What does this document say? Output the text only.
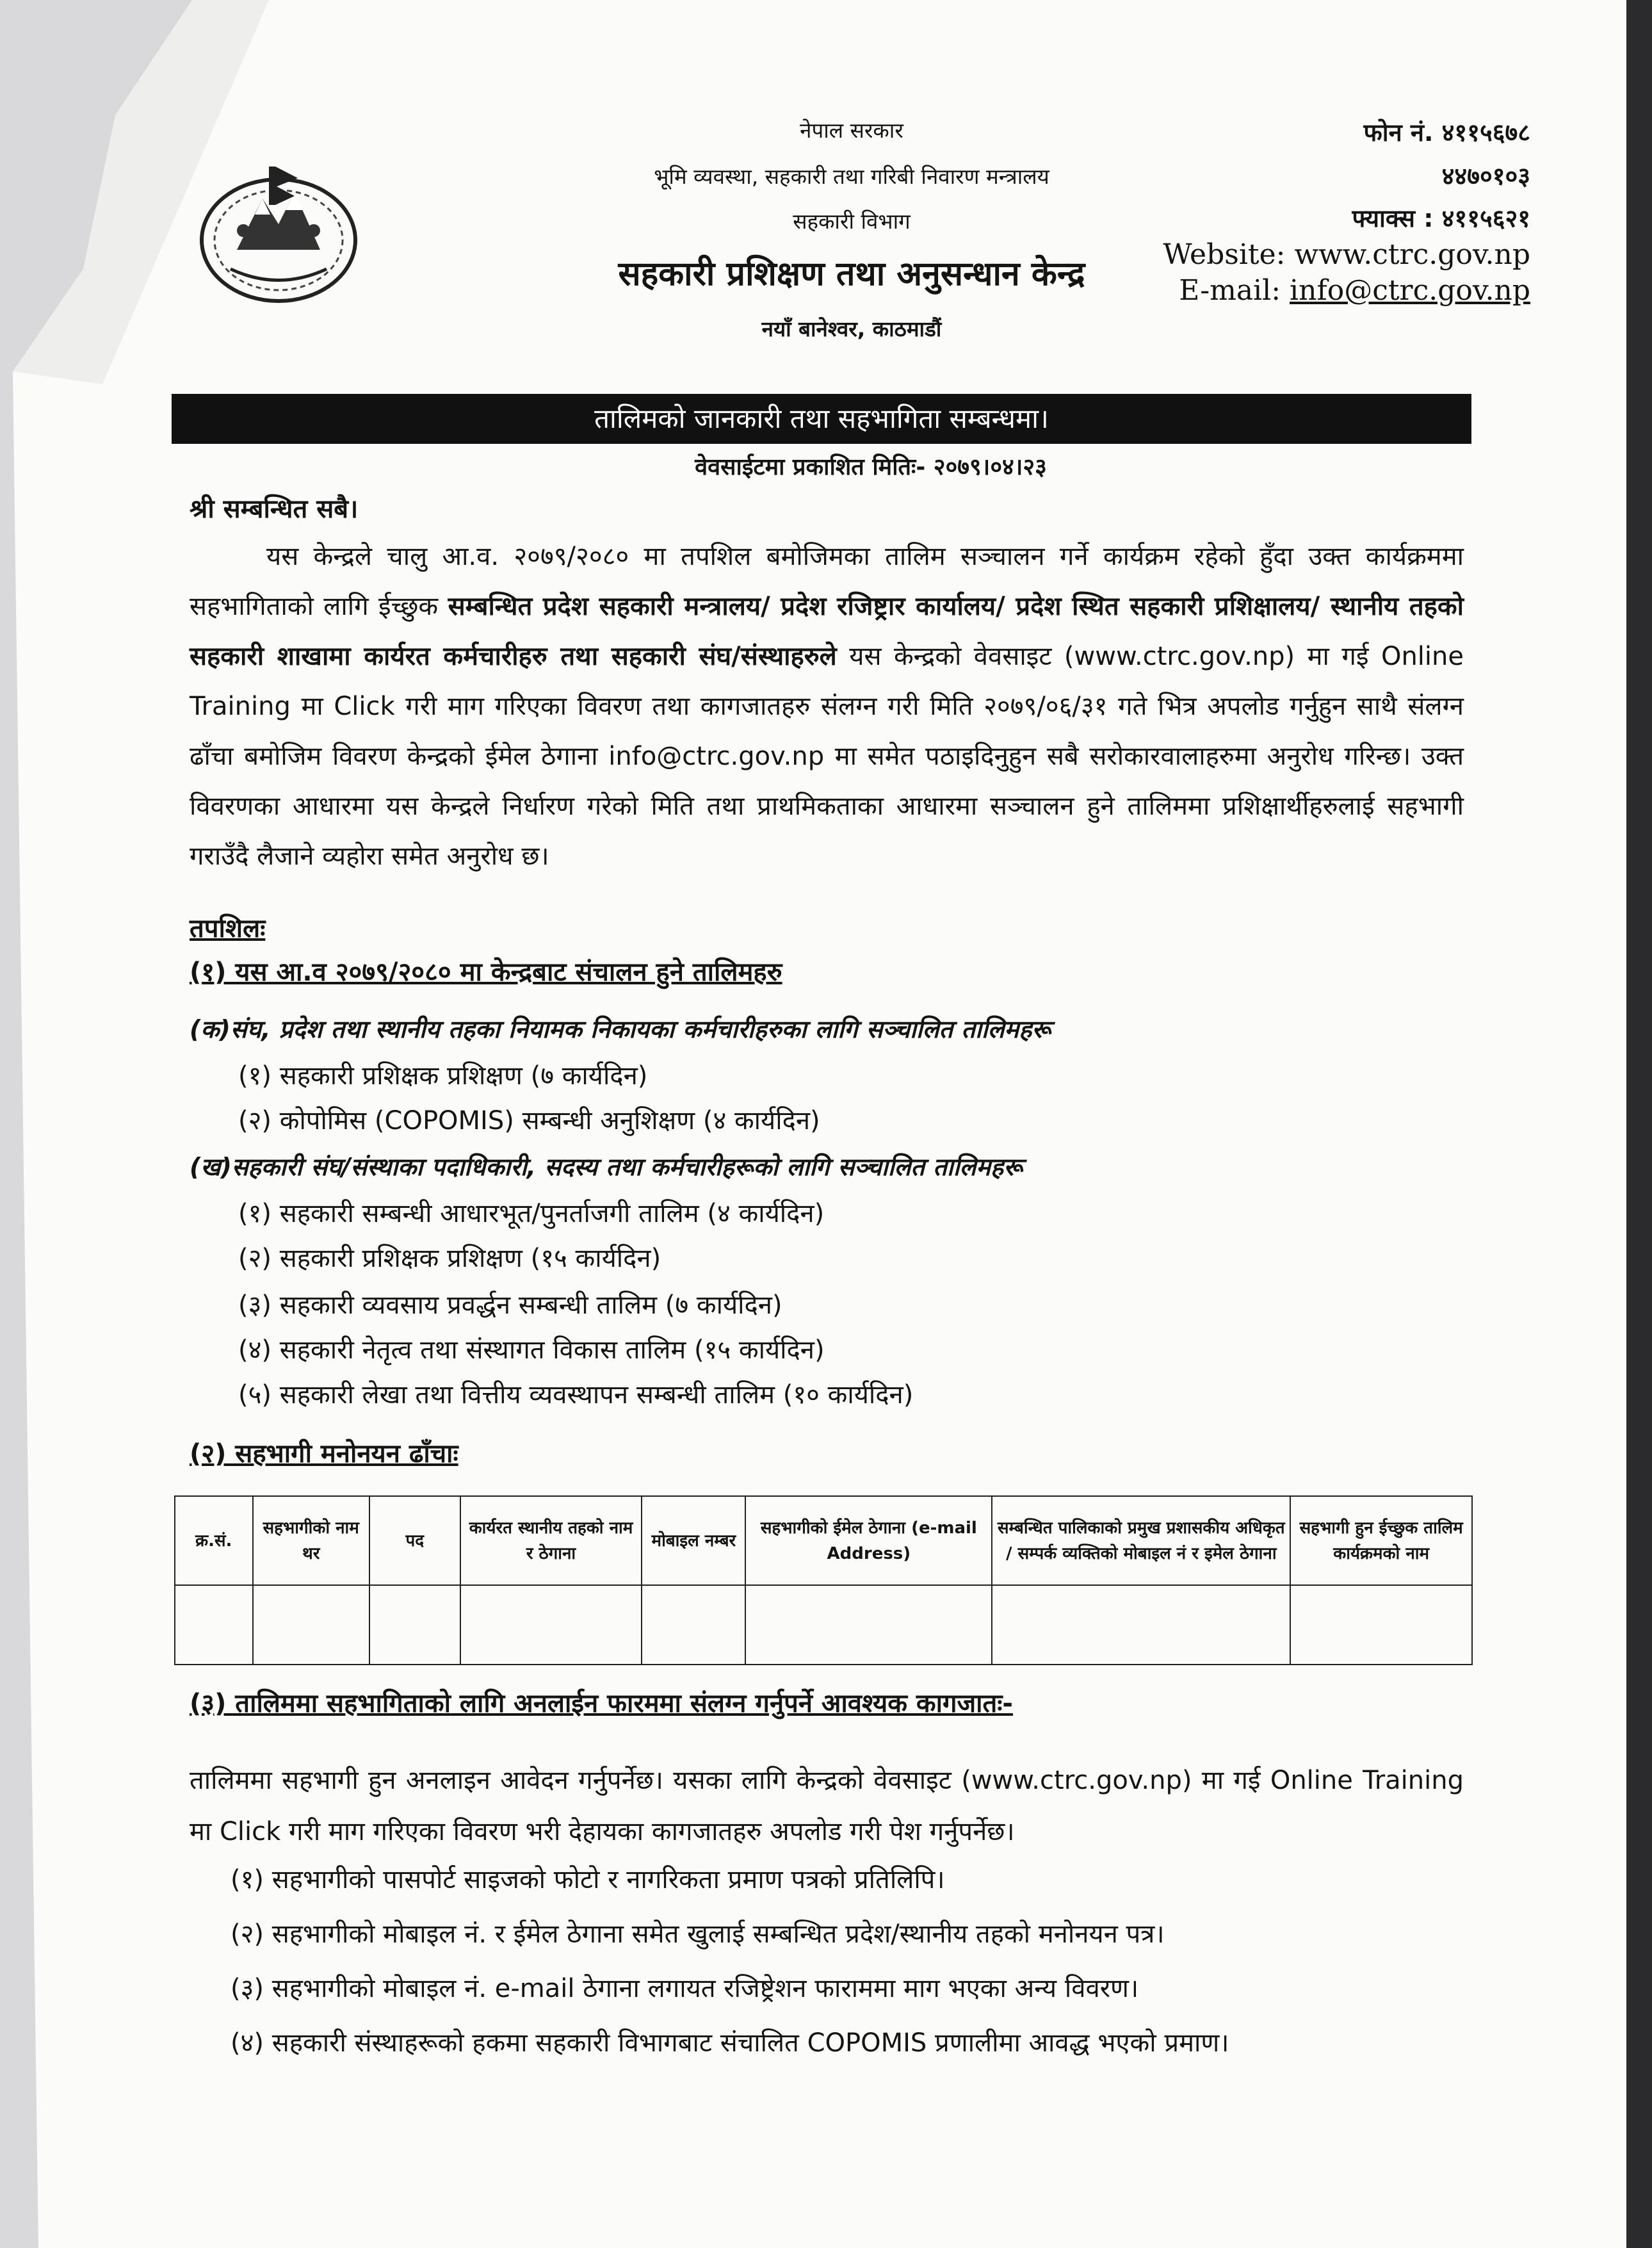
नेपाल सरकार
भूमि व्यवस्था, सहकारी तथा गरिबी निवारण मन्त्रालय
सहकारी विभाग
सहकारी प्रशिक्षण तथा अनुसन्धान केन्द्र
नयाँ बानेश्वर, काठमाडौं
फोन नं. ४११५६७८
४४७०१०३
फ्याक्स : ४११५६२१
Website: www.ctrc.gov.np
E-mail: info@ctrc.gov.np
तालिमको जानकारी तथा सहभागिता सम्बन्धमा।
वेवसाईटमा प्रकाशित मितिः- २०७९।०४।२३
श्री सम्बन्धित सबै।
यस केन्द्रले चालु आ.व. २०७९/२०८० मा तपशिल बमोजिमका तालिम सञ्चालन गर्ने कार्यक्रम रहेको हुँदा उक्त कार्यक्रममा सहभागिताको लागि ईच्छुक सम्बन्धित प्रदेश सहकारी मन्त्रालय/ प्रदेश रजिष्ट्रार कार्यालय/ प्रदेश स्थित सहकारी प्रशिक्षालय/ स्थानीय तहको सहकारी शाखामा कार्यरत कर्मचारीहरु तथा सहकारी संघ/संस्थाहरुले यस केन्द्रको वेवसाइट (www.ctrc.gov.np) मा गई Online Training मा Click गरी माग गरिएका विवरण तथा कागजातहरु संलग्न गरी मिति २०७९/०६/३१ गते भित्र अपलोड गर्नुहुन साथै संलग्न ढाँचा बमोजिम विवरण केन्द्रको ईमेल ठेगाना info@ctrc.gov.np मा समेत पठाइदिनुहुन सबै सरोकारवालाहरुमा अनुरोध गरिन्छ। उक्त विवरणका आधारमा यस केन्द्रले निर्धारण गरेको मिति तथा प्राथमिकताका आधारमा सञ्चालन हुने तालिममा प्रशिक्षार्थीहरुलाई सहभागी गराउँदै लैजाने व्यहोरा समेत अनुरोध छ।
तपशिलः
(१) यस आ.व २०७९/२०८० मा केन्द्रबाट संचालन हुने तालिमहरु
(क)संघ, प्रदेश तथा स्थानीय तहका नियामक निकायका कर्मचारीहरुका लागि सञ्चालित तालिमहरू
(१) सहकारी प्रशिक्षक प्रशिक्षण (७ कार्यदिन)
(२) कोपोमिस (COPOMIS) सम्बन्धी अनुशिक्षण (४ कार्यदिन)
(ख)सहकारी संघ/संस्थाका पदाधिकारी, सदस्य तथा कर्मचारीहरूको लागि सञ्चालित तालिमहरू
(१) सहकारी सम्बन्धी आधारभूत/पुनर्ताजगी तालिम (४ कार्यदिन)
(२) सहकारी प्रशिक्षक प्रशिक्षण (१५ कार्यदिन)
(३) सहकारी व्यवसाय प्रवर्द्धन सम्बन्धी तालिम (७ कार्यदिन)
(४) सहकारी नेतृत्व तथा संस्थागत विकास तालिम (१५ कार्यदिन)
(५) सहकारी लेखा तथा वित्तीय व्यवस्थापन सम्बन्धी तालिम (१० कार्यदिन)
(२) सहभागी मनोनयन ढाँचाः
क्र.सं.	सहभागीको नाम थर	पद	कार्यरत स्थानीय तहको नाम र ठेगाना	मोबाइल नम्बर	सहभागीको ईमेल ठेगाना (e-mail Address)	सम्बन्धित पालिकाको प्रमुख प्रशासकीय अधिकृत / सम्पर्क व्यक्तिको मोबाइल नं र इमेल ठेगाना	सहभागी हुन ईच्छुक तालिम कार्यक्रमको नाम

(३) तालिममा सहभागिताको लागि अनलाईन फारममा संलग्न गर्नुपर्ने आवश्यक कागजातः-
तालिममा सहभागी हुन अनलाइन आवेदन गर्नुपर्नेछ। यसका लागि केन्द्रको वेवसाइट (www.ctrc.gov.np) मा गई Online Training मा Click गरी माग गरिएका विवरण भरी देहायका कागजातहरु अपलोड गरी पेश गर्नुपर्नेछ।
(१) सहभागीको पासपोर्ट साइजको फोटो र नागरिकता प्रमाण पत्रको प्रतिलिपि।
(२) सहभागीको मोबाइल नं. र ईमेल ठेगाना समेत खुलाई सम्बन्धित प्रदेश/स्थानीय तहको मनोनयन पत्र।
(३) सहभागीको मोबाइल नं. e-mail ठेगाना लगायत रजिष्ट्रेशन फाराममा माग भएका अन्य विवरण।
(४) सहकारी संस्थाहरूको हकमा सहकारी विभागबाट संचालित COPOMIS प्रणालीमा आवद्ध भएको प्रमाण।
